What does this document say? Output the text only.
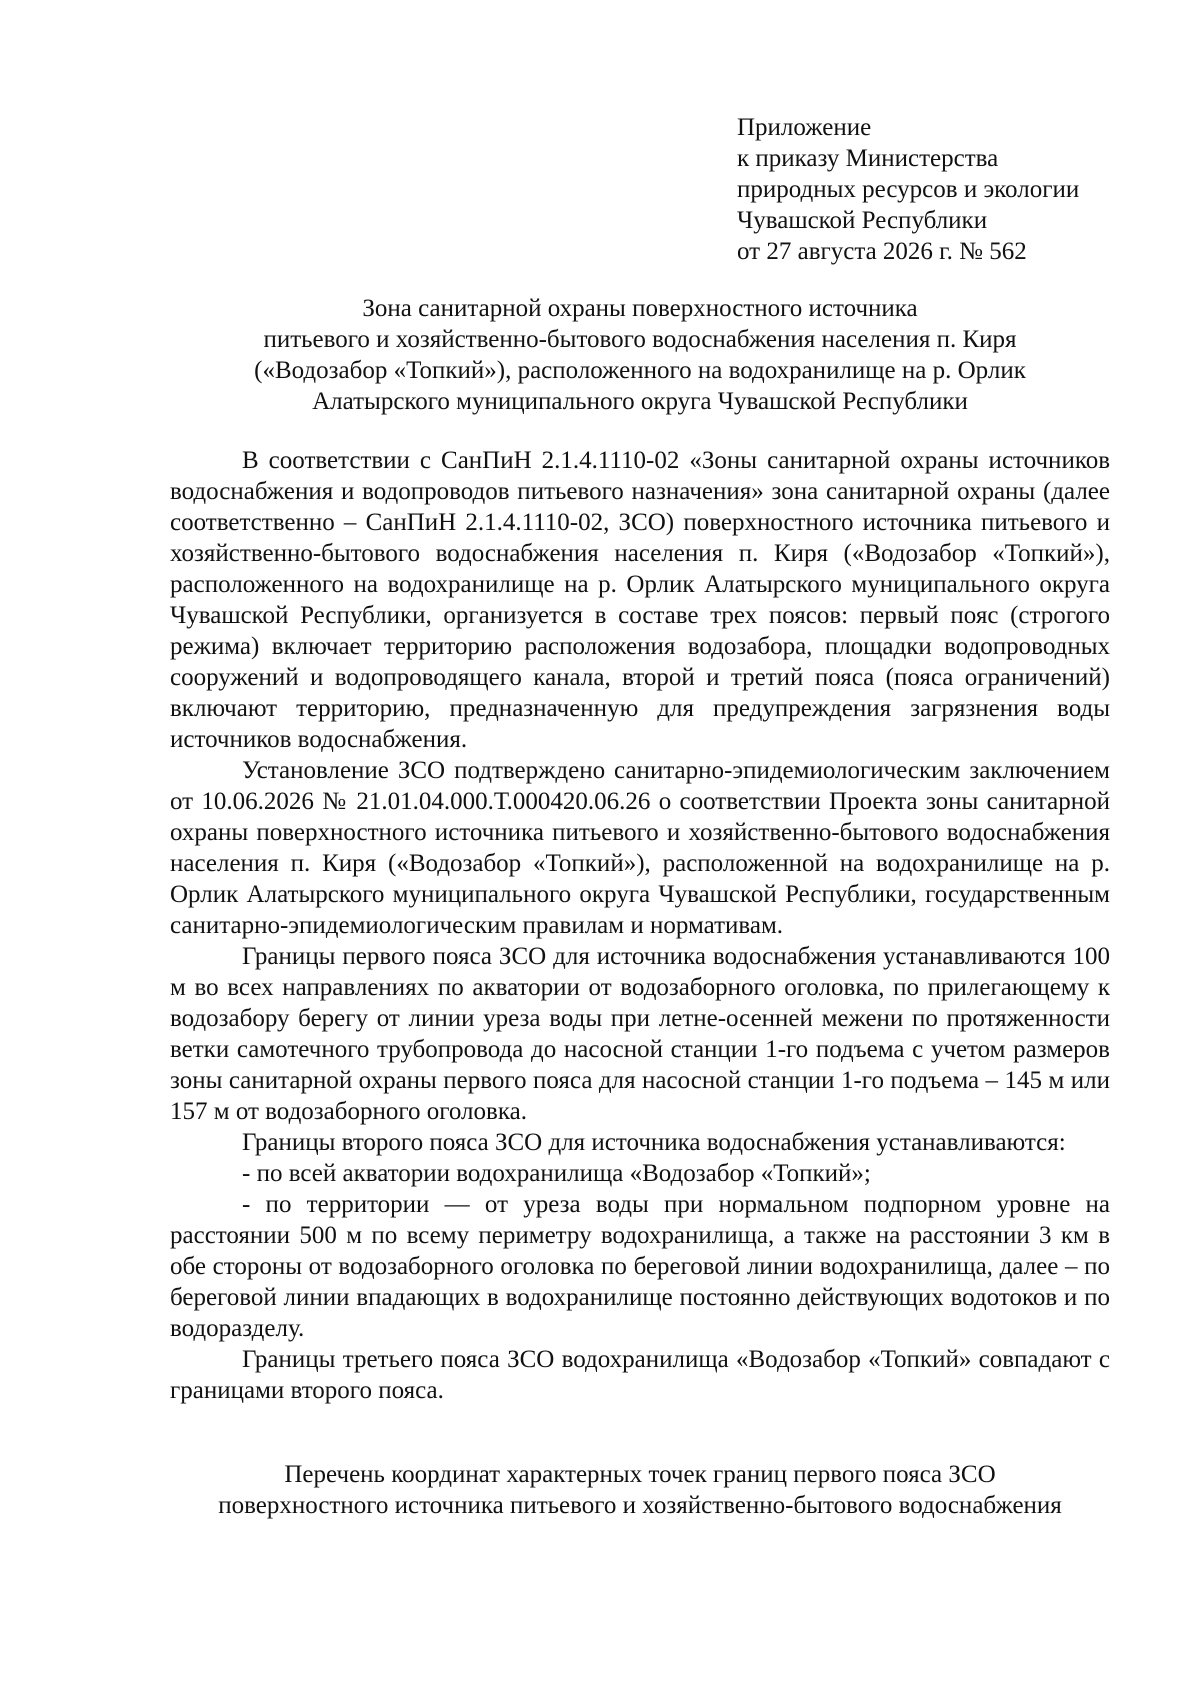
Приложение
к приказу Министерства
природных ресурсов и экологии
Чувашской Республики
от 27 августа 2026 г. № 562
Зона санитарной охраны поверхностного источника
питьевого и хозяйственно-бытового водоснабжения населения п. Киря
(«Водозабор «Топкий»), расположенного на водохранилище на р. Орлик
Алатырского муниципального округа Чувашской Республики

В соответствии с СанПиН 2.1.4.1110-02 «Зоны санитарной охраны источников водоснабжения и водопроводов питьевого назначения» зона санитарной охраны (далее соответственно – СанПиН 2.1.4.1110-02, ЗСО) поверхностного источника питьевого и хозяйственно-бытового водоснабжения населения п. Киря («Водозабор «Топкий»), расположенного на водохранилище на р. Орлик Алатырского муниципального округа Чувашской Республики, организуется в составе трех поясов: первый пояс (строгого режима) включает территорию расположения водозабора, площадки водопроводных сооружений и водопроводящего канала, второй и третий пояса (пояса ограничений) включают территорию, предназначенную для предупреждения загрязнения воды источников водоснабжения.

Установление ЗСО подтверждено санитарно-эпидемиологическим заключением от 10.06.2026 № 21.01.04.000.Т.000420.06.26 о соответствии Проекта зоны санитарной охраны поверхностного источника питьевого и хозяйственно-бытового водоснабжения населения п. Киря («Водозабор «Топкий»), расположенной на водохранилище на р. Орлик Алатырского муниципального округа Чувашской Республики, государственным санитарно-эпидемиологическим правилам и нормативам.

Границы первого пояса ЗСО для источника водоснабжения устанавливаются 100 м во всех направлениях по акватории от водозаборного оголовка, по прилегающему к водозабору берегу от линии уреза воды при летне-осенней межени по протяженности ветки самотечного трубопровода до насосной станции 1-го подъема с учетом размеров зоны санитарной охраны первого пояса для насосной станции 1-го подъема – 145 м или 157 м от водозаборного оголовка.

Границы второго пояса ЗСО для источника водоснабжения устанавливаются:

- по всей акватории водохранилища «Водозабор «Топкий»;

- по территории — от уреза воды при нормальном подпорном уровне на расстоянии 500 м по всему периметру водохранилища, а также на расстоянии 3 км в обе стороны от водозаборного оголовка по береговой линии водохранилища, далее – по береговой линии впадающих в водохранилище постоянно действующих водотоков и по водоразделу.

Границы третьего пояса ЗСО водохранилища «Водозабор «Топкий» совпадают с границами второго пояса.

Перечень координат характерных точек границ первого пояса ЗСО
поверхностного источника питьевого и хозяйственно-бытового водоснабжения
